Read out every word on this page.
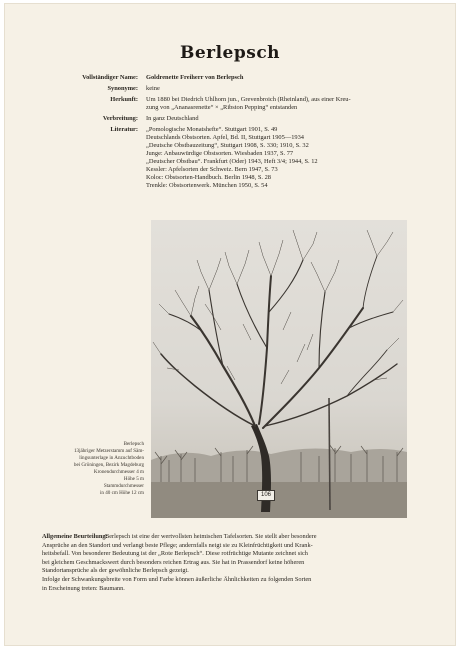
Berlepsch
Vollständiger Name: Goldrenette Freiherr von Berlepsch
Synonyme: keine
Herkunft: Um 1880 bei Diedrich Uhlhorn jun., Grevenbroich (Rheinland), aus einer Kreu-
zung von „Ananasrenette“ × „Ribston Pepping“ entstanden
Verbreitung: In ganz Deutschland
Literatur: „Pomologische Monatshefte“. Stuttgart 1901, S. 49
Deutschlands Obstsorten. Apfel, Bd. II, Stuttgart 1905—1934
„Deutsche Obstbauzeitung“, Stuttgart 1908, S. 330; 1910, S. 32
Junge: Anbauwürdige Obstsorten. Wiesbaden 1937, S. 77
„Deutscher Obstbau“. Frankfurt (Oder) 1943, Heft 3/4; 1944, S. 12
Kessler: Apfelsorten der Schweiz. Bern 1947, S. 73
Koloc: Obstsorten-Handbuch. Berlin 1948, S. 28
Trenkle: Obstsortenwerk. München 1950, S. 54
106
Berlepsch
13jähriger Metzerstamm auf Säm-
lingsunterlage in Anzuchtboden
bei Gröningen, Bezirk Magdeburg
Kronendurchmesser 4 m
Höhe 5 m
Stammdurchmesser
in 40 cm Höhe 12 cm
Allgemeine Beurteilung:
Berlepsch ist eine der wertvollsten heimischen Tafelsorten. Sie stellt aber besondere
Ansprüche an den Standort und verlangt beste Pflege; andernfalls neigt sie zu Kleinfrüchtigkeit und Krank-
heitsbefall. Von besonderer Bedeutung ist der „Rote Berlepsch“. Diese rotfrüchtige Mutante zeichnet sich
bei gleichem Geschmackswert durch besonders reichen Ertrag aus. Sie hat in Prassendorf keine höheren
Standortansprüche als der gewöhnliche Berlepsch gezeigt.
Infolge der Schwankungsbreite von Form und Farbe können äußerliche Ähnlichkeiten zu folgenden Sorten
in Erscheinung treten: Baumann.
